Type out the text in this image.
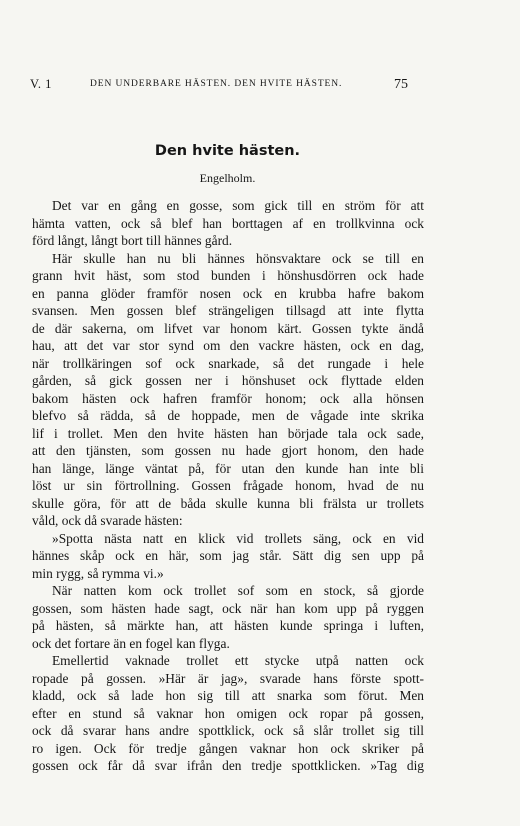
V. 1	DEN UNDERBARE HÄSTEN. DEN HVITE HÄSTEN.	75
Den hvite hästen.
Engelholm.
Det var en gång en gosse, som gick till en ström för att
hämta vatten, ock så blef han borttagen af en trollkvinna ock
förd långt, långt bort till hännes gård.
Här skulle han nu bli hännes hönsvaktare ock se till en
grann hvit häst, som stod bunden i hönshusdörren ock hade
en panna glöder framför nosen ock en krubba hafre bakom
svansen. Men gossen blef strängeligen tillsagd att inte flytta
de där sakerna, om lifvet var honom kärt. Gossen tykte ändå
hau, att det var stor synd om den vackre hästen, ock en dag,
när trollkäringen sof ock snarkade, så det rungade i hele
gården, så gick gossen ner i hönshuset ock flyttade elden
bakom hästen ock hafren framför honom; ock alla hönsen
blefvo så rädda, så de hoppade, men de vågade inte skrika
lif i trollet. Men den hvite hästen han började tala ock sade,
att den tjänsten, som gossen nu hade gjort honom, den hade
han länge, länge väntat på, för utan den kunde han inte bli
löst ur sin förtrollning. Gossen frågade honom, hvad de nu
skulle göra, för att de båda skulle kunna bli frälsta ur trollets
våld, ock då svarade hästen:
»Spotta nästa natt en klick vid trollets säng, ock en vid
hännes skåp ock en här, som jag står. Sätt dig sen upp på
min rygg, så rymma vi.»
När natten kom ock trollet sof som en stock, så gjorde
gossen, som hästen hade sagt, ock när han kom upp på ryggen
på hästen, så märkte han, att hästen kunde springa i luften,
ock det fortare än en fogel kan flyga.
Emellertid vaknade trollet ett stycke utpå natten ock
ropade på gossen. »Här är jag», svarade hans förste spott-
kladd, ock så lade hon sig till att snarka som förut. Men
efter en stund så vaknar hon omigen ock ropar på gossen,
ock då svarar hans andre spottklick, ock så slår trollet sig till
ro igen. Ock för tredje gången vaknar hon ock skriker på
gossen ock får då svar ifrån den tredje spottklicken. »Tag dig
